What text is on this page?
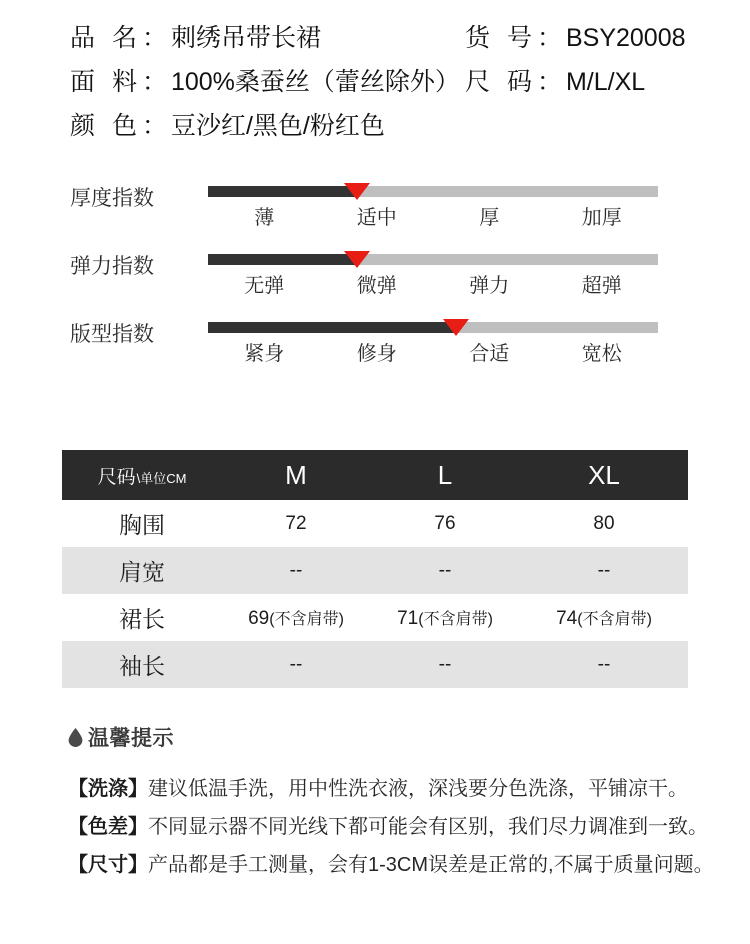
品 名 ： 刺绣吊带长裙	货 号 ： BSY20008
面 料 ： 100%桑蚕丝（蕾丝除外） 尺 码 ： M/L/XL
颜 色 ： 豆沙红/黑色/粉红色
厚度指数
薄	适中	厚	加厚
弹力指数
无弹	微弹	弹力	超弹
版型指数
紧身	修身	合适	宽松
尺码\单位CM	M	L	XL
胸围	72	76	80
肩宽	--	--	--
裙长	69(不含肩带)	71(不含肩带)	74(不含肩带)
袖长	--	--	--
温馨提示
【洗涤】建议低温手洗，用中性洗衣液，深浅要分色洗涤，平铺凉干。
【色差】不同显示器不同光线下都可能会有区别，我们尽力调准到一致。
【尺寸】产品都是手工测量，会有1-3CM误差是正常的,不属于质量问题。
